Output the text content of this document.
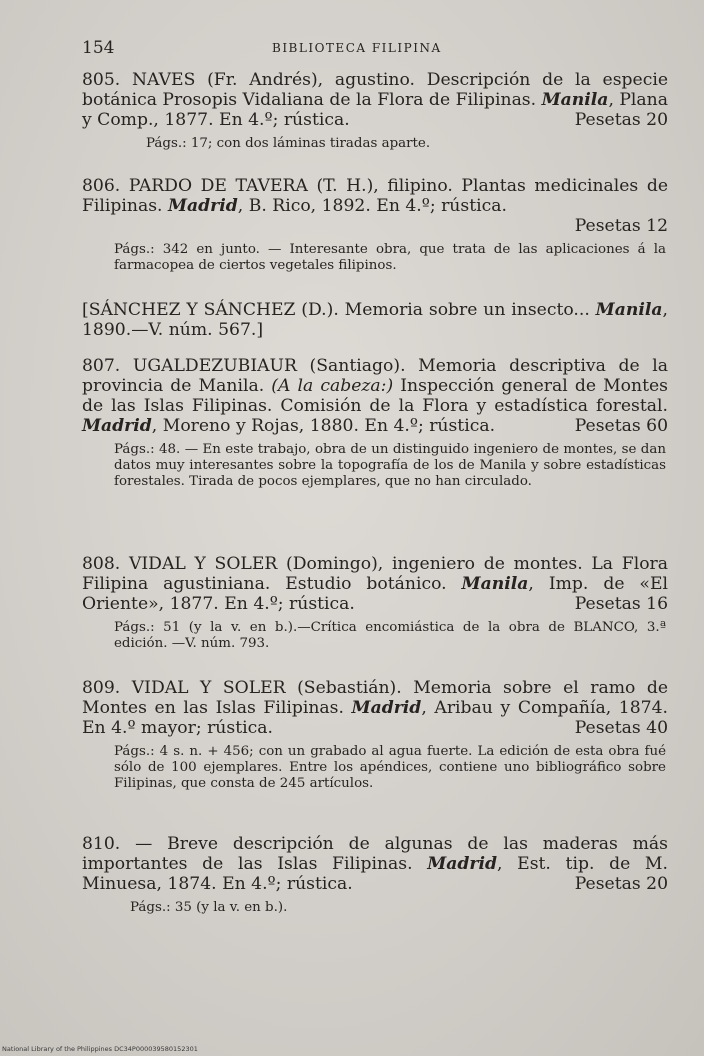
154	BIBLIOTECA FILIPINA

805. NAVES (Fr. Andrés), agustino. Descripción de la especie botánica Prosopis Vidaliana de la Flora de Filipinas. Manila, Plana y Comp., 1877. En 4.º; rústica.	Pesetas 20

Págs.: 17; con dos láminas tiradas aparte.

806. PARDO DE TAVERA (T. H.), filipino. Plantas medicinales de Filipinas. Madrid, B. Rico, 1892. En 4.º; rústica.
Pesetas 12

Págs.: 342 en junto. — Interesante obra, que trata de las aplicaciones á la farmacopea de ciertos vegetales filipinos.

[SÁNCHEZ Y SÁNCHEZ (D.). Memoria sobre un insecto... Manila, 1890.—V. núm. 567.]

807. UGALDEZUBIAUR (Santiago). Memoria descriptiva de la provincia de Manila. (A la cabeza:) Inspección general de Montes de las Islas Filipinas. Comisión de la Flora y estadística forestal. Madrid, Moreno y Rojas, 1880. En 4.º; rústica.	Pesetas 60

Págs.: 48. — En este trabajo, obra de un distinguido ingeniero de montes, se dan datos muy interesantes sobre la topografía de los de Manila y sobre estadísticas forestales. Tirada de pocos ejemplares, que no han circulado.

808. VIDAL Y SOLER (Domingo), ingeniero de montes. La Flora Filipina agustiniana. Estudio botánico. Manila, Imp. de «El Oriente», 1877. En 4.º; rústica.	Pesetas 16

Págs.: 51 (y la v. en b.).—Crítica encomiástica de la obra de BLANCO, 3.ª edición. —V. núm. 793.

809. VIDAL Y SOLER (Sebastián). Memoria sobre el ramo de Montes en las Islas Filipinas. Madrid, Aribau y Compañía, 1874. En 4.º mayor; rústica.	Pesetas 40

Págs.: 4 s. n. + 456; con un grabado al agua fuerte. La edición de esta obra fué sólo de 100 ejemplares. Entre los apéndices, contiene uno bibliográfico sobre Filipinas, que consta de 245 artículos.

810. — Breve descripción de algunas de las maderas más importantes de las Islas Filipinas. Madrid, Est. tip. de M. Minuesa, 1874. En 4.º; rústica.	Pesetas 20

Págs.: 35 (y la v. en b.).

National Library of the Philippines DC34P000039580152301
